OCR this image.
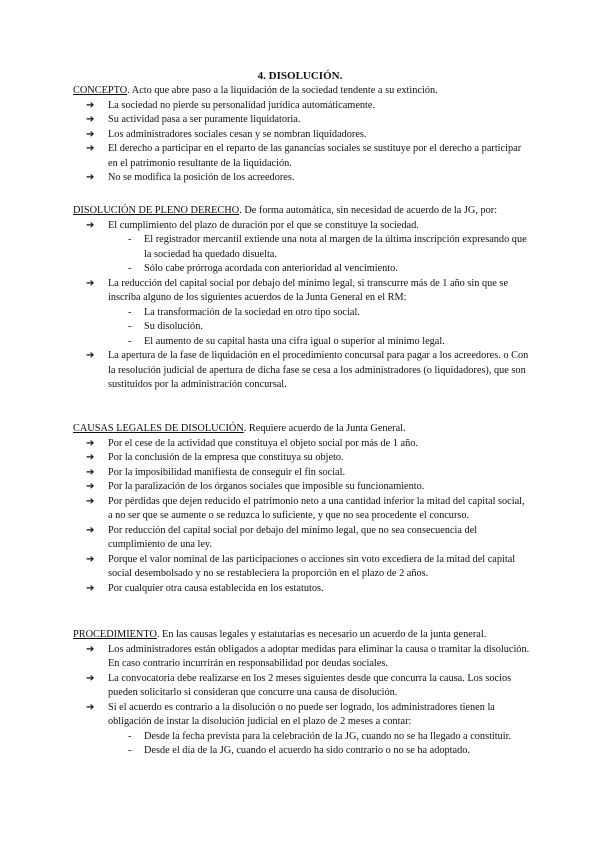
4. DISOLUCIÓN.

CONCEPTO. Acto que abre paso a la liquidación de la sociedad tendente a su extinción.

➔ La sociedad no pierde su personalidad jurídica automáticamente.
➔ Su actividad pasa a ser puramente liquidatoria.
➔ Los administradores sociales cesan y se nombran liquidadores.
➔ El derecho a participar en el reparto de las ganancias sociales se sustituye por el derecho a participar en el patrimonio resultante de la liquidación.
➔ No se modifica la posición de los acreedores.

DISOLUCIÓN DE PLENO DERECHO. De forma automática, sin necesidad de acuerdo de la JG, por:

➔ El cumplimiento del plazo de duración por el que se constituye la sociedad.
- El registrador mercantil extiende una nota al margen de la última inscripción expresando que la sociedad ha quedado disuelta.
- Sólo cabe prórroga acordada con anterioridad al vencimiento.
➔ La reducción del capital social por debajo del mínimo legal, si transcurre más de 1 año sin que se inscriba alguno de los siguientes acuerdos de la Junta General en el RM:
- La transformación de la sociedad en otro tipo social.
- Su disolución.
- El aumento de su capital hasta una cifra igual o superior al mínimo legal.
➔ La apertura de la fase de liquidación en el procedimiento concursal para pagar a los acreedores. o Con la resolución judicial de apertura de dicha fase se cesa a los administradores (o liquidadores), que son sustituidos por la administración concursal.

CAUSAS LEGALES DE DISOLUCIÓN. Requiere acuerdo de la Junta General.

➔ Por el cese de la actividad que constituya el objeto social por más de 1 año.
➔ Por la conclusión de la empresa que constituya su objeto.
➔ Por la imposibilidad manifiesta de conseguir el fin social.
➔ Por la paralización de los órganos sociales que imposible su funcionamiento.
➔ Por pérdidas que dejen reducido el patrimonio neto a una cantidad inferior la mitad del capital social, a no ser que se aumente o se reduzca lo suficiente, y que no sea procedente el concurso.
➔ Por reducción del capital social por debajo del mínimo legal, que no sea consecuencia del cumplimiento de una ley.
➔ Porque el valor nominal de las participaciones o acciones sin voto excediera de la mitad del capital social desembolsado y no se restableciera la proporción en el plazo de 2 años.
➔ Por cualquier otra causa establecida en los estatutos.

PROCEDIMIENTO. En las causas legales y estatutarias es necesario un acuerdo de la junta general.

➔ Los administradores están obligados a adoptar medidas para eliminar la causa o tramitar la disolución. En caso contrario incurrirán en responsabilidad por deudas sociales.
➔ La convocatoria debe realizarse en los 2 meses siguientes desde que concurra la causa. Los socios pueden solicitarlo si consideran que concurre una causa de disolución.
➔ Si el acuerdo es contrario a la disolución o no puede ser logrado, los administradores tienen la obligación de instar la disolución judicial en el plazo de 2 meses a contar:
- Desde la fecha prevista para la celebración de la JG, cuando no se ha llegado a constituir.
- Desde el día de la JG, cuando el acuerdo ha sido contrario o no se ha adoptado.
